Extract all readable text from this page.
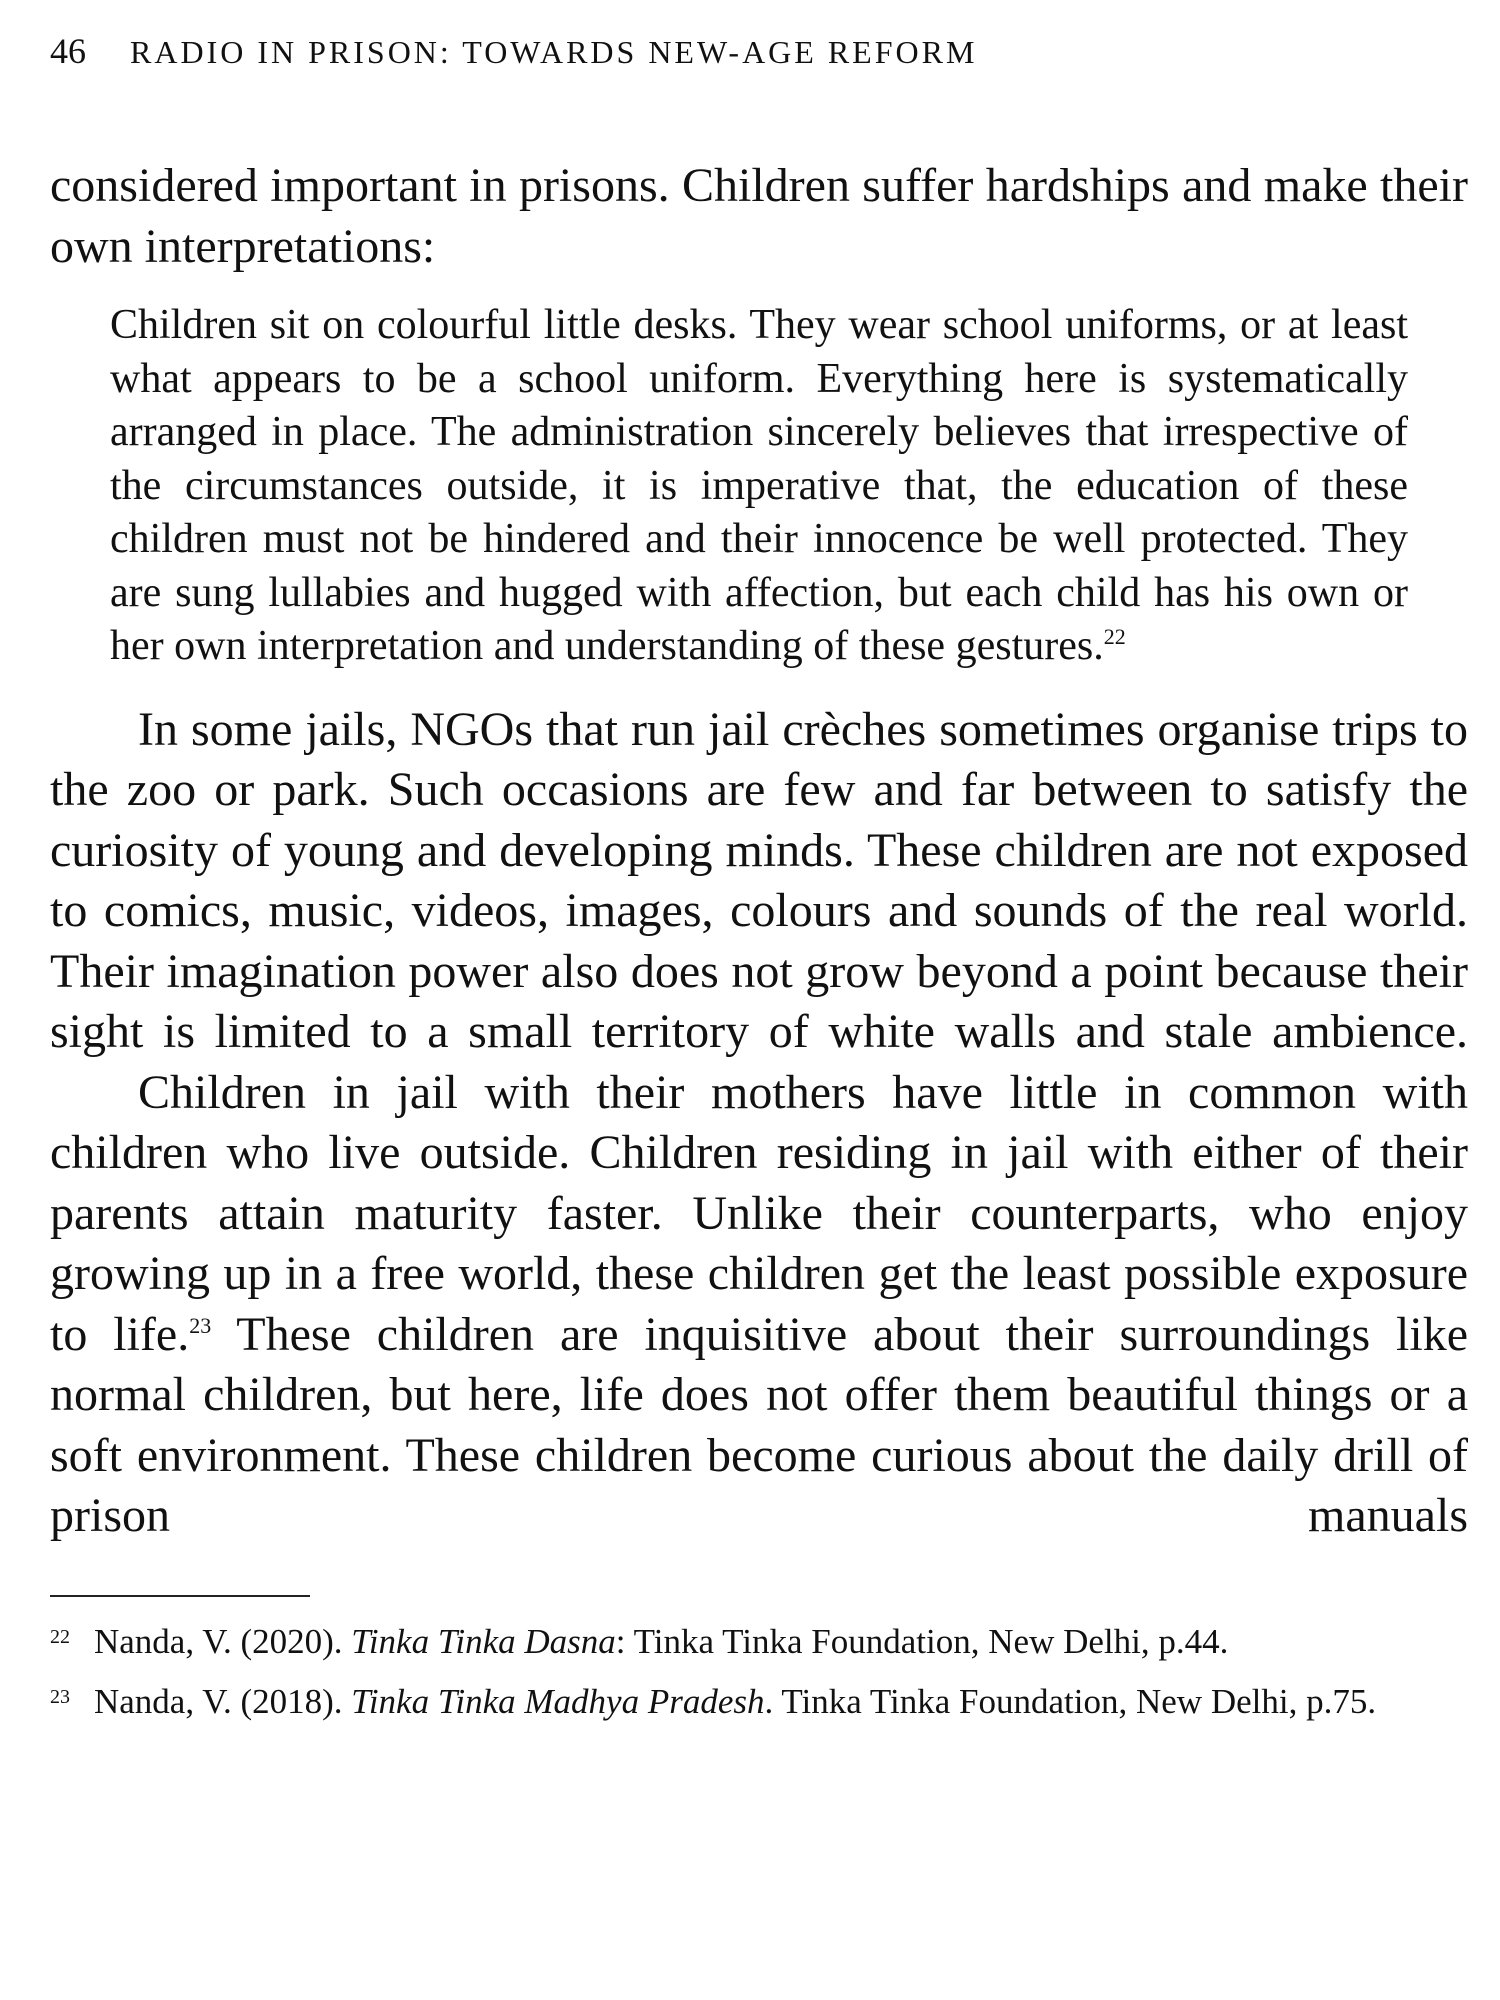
46 RADIO IN PRISON: TOWARDS NEW-AGE REFORM

considered important in prisons. Children suffer hardships and make their own interpretations:

Children sit on colourful little desks. They wear school uniforms, or at least what appears to be a school uniform. Everything here is systematically arranged in place. The administration sincerely believes that irrespective of the circumstances outside, it is imperative that, the education of these children must not be hindered and their innocence be well protected. They are sung lullabies and hugged with affection, but each child has his own or her own interpretation and understanding of these gestures.$^{22}$

In some jails, NGOs that run jail crèches sometimes organise trips to the zoo or park. Such occasions are few and far between to satisfy the curiosity of young and developing minds. These children are not exposed to comics, music, videos, images, colours and sounds of the real world. Their imagination power also does not grow beyond a point because their sight is limited to a small territory of white walls and stale ambience.

Children in jail with their mothers have little in common with children who live outside. Children residing in jail with either of their parents attain maturity faster. Unlike their counterparts, who enjoy growing up in a free world, these children get the least possible exposure to life.$^{23}$ These children are inquisitive about their surroundings like normal children, but here, life does not offer them beautiful things or a soft environment. These children become curious about the daily drill of prison manuals

22 Nanda, V. (2020). Tinka Tinka Dasna: Tinka Tinka Foundation, New Delhi, p.44.
23 Nanda, V. (2018). Tinka Tinka Madhya Pradesh. Tinka Tinka Foundation, New Delhi, p.75.
